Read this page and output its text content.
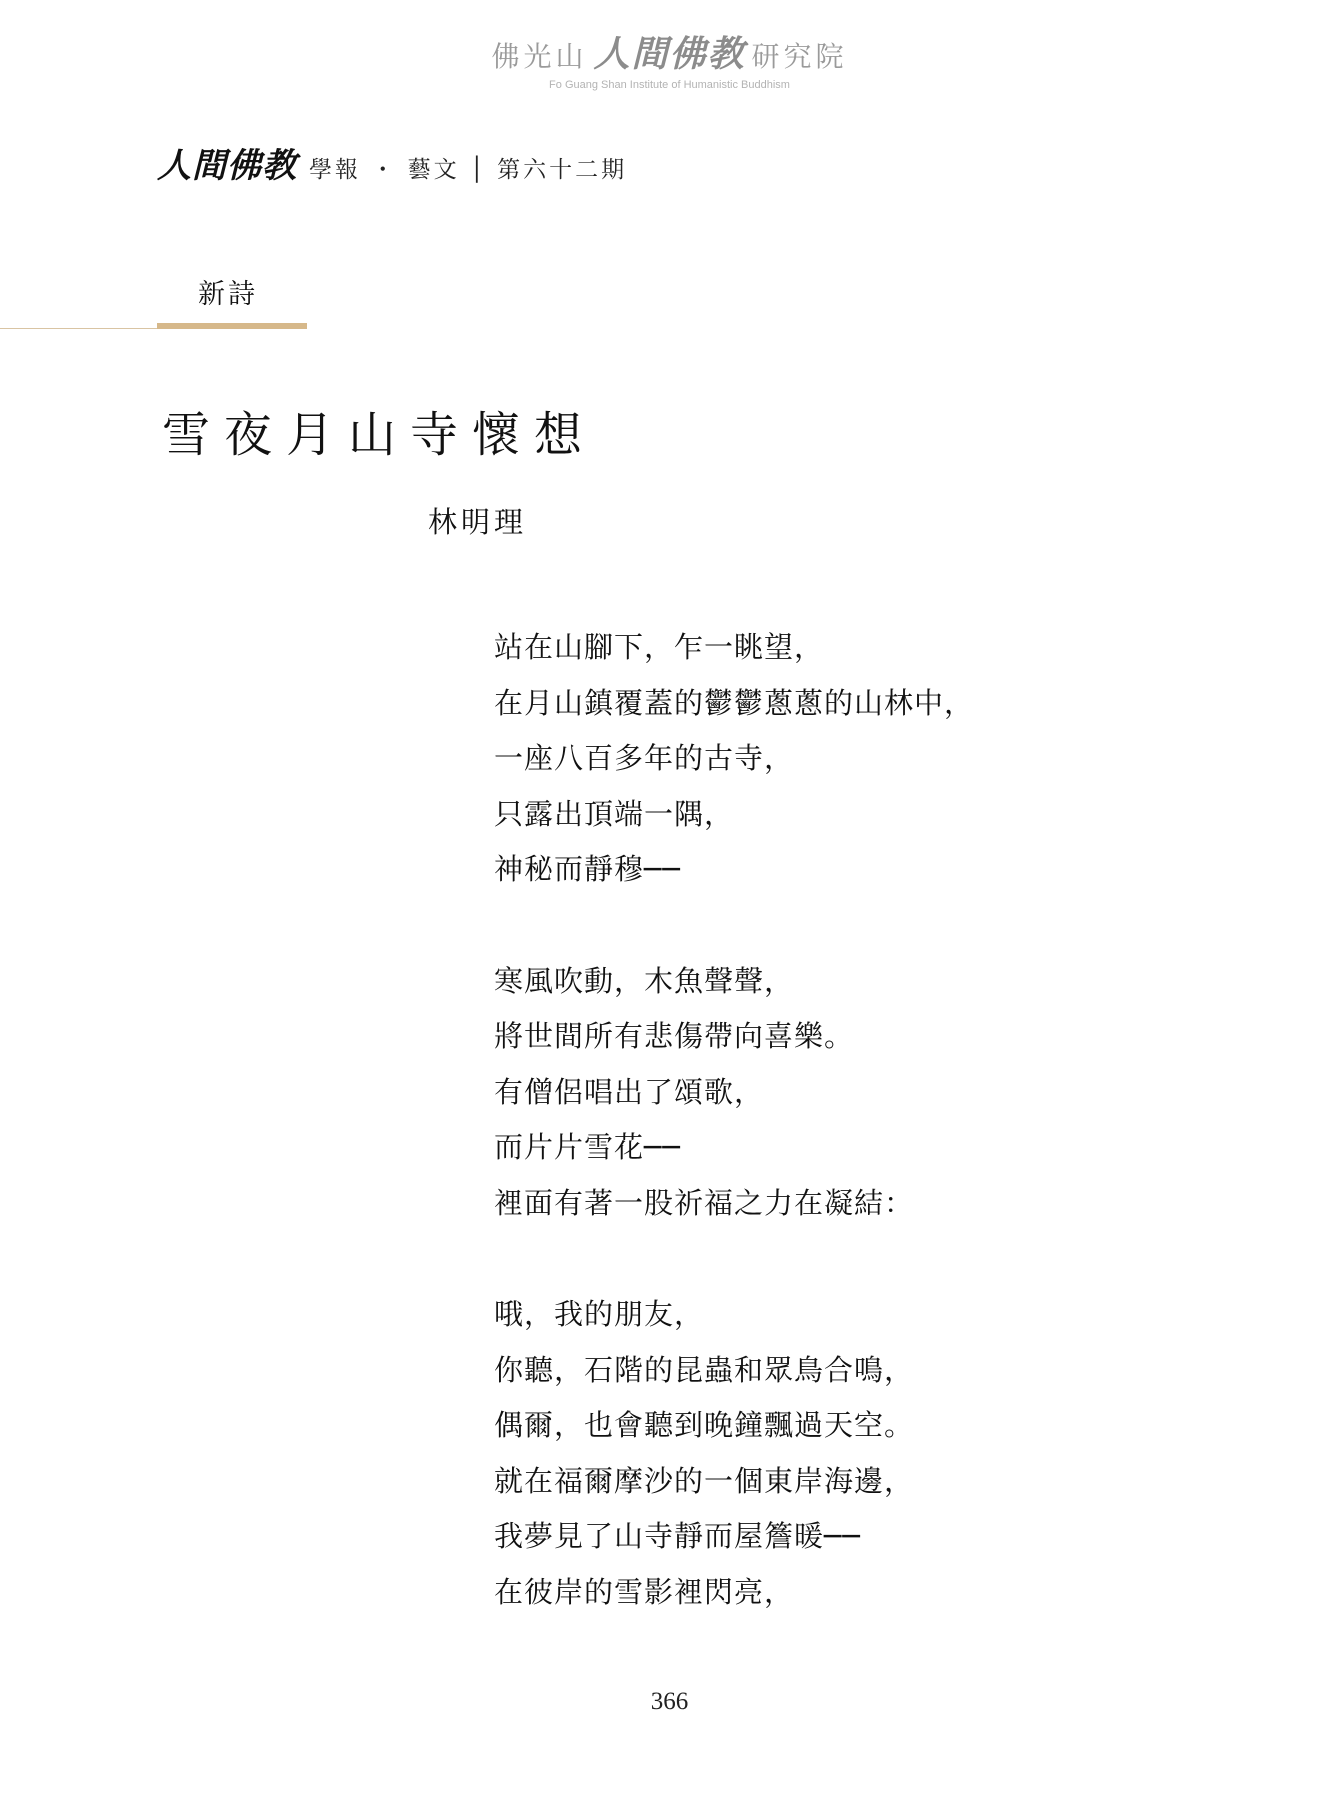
佛光山 人間佛教 研究院
Fo Guang Shan Institute of Humanistic Buddhism
人間佛教 學報 ・ 藝文 │ 第六十二期
新詩
雪夜月山寺懷想
林明理
站在山腳下，乍一眺望，
在月山鎮覆蓋的鬱鬱蔥蔥的山林中，
一座八百多年的古寺，
只露出頂端一隅，
神秘而靜穆──
寒風吹動，木魚聲聲，
將世間所有悲傷帶向喜樂。
有僧侶唱出了頌歌，
而片片雪花──
裡面有著一股祈福之力在凝結：
哦，我的朋友，
你聽，石階的昆蟲和眾鳥合鳴，
偶爾，也會聽到晚鐘飄過天空。
就在福爾摩沙的一個東岸海邊，
我夢見了山寺靜而屋簷暖──
在彼岸的雪影裡閃亮，
366
